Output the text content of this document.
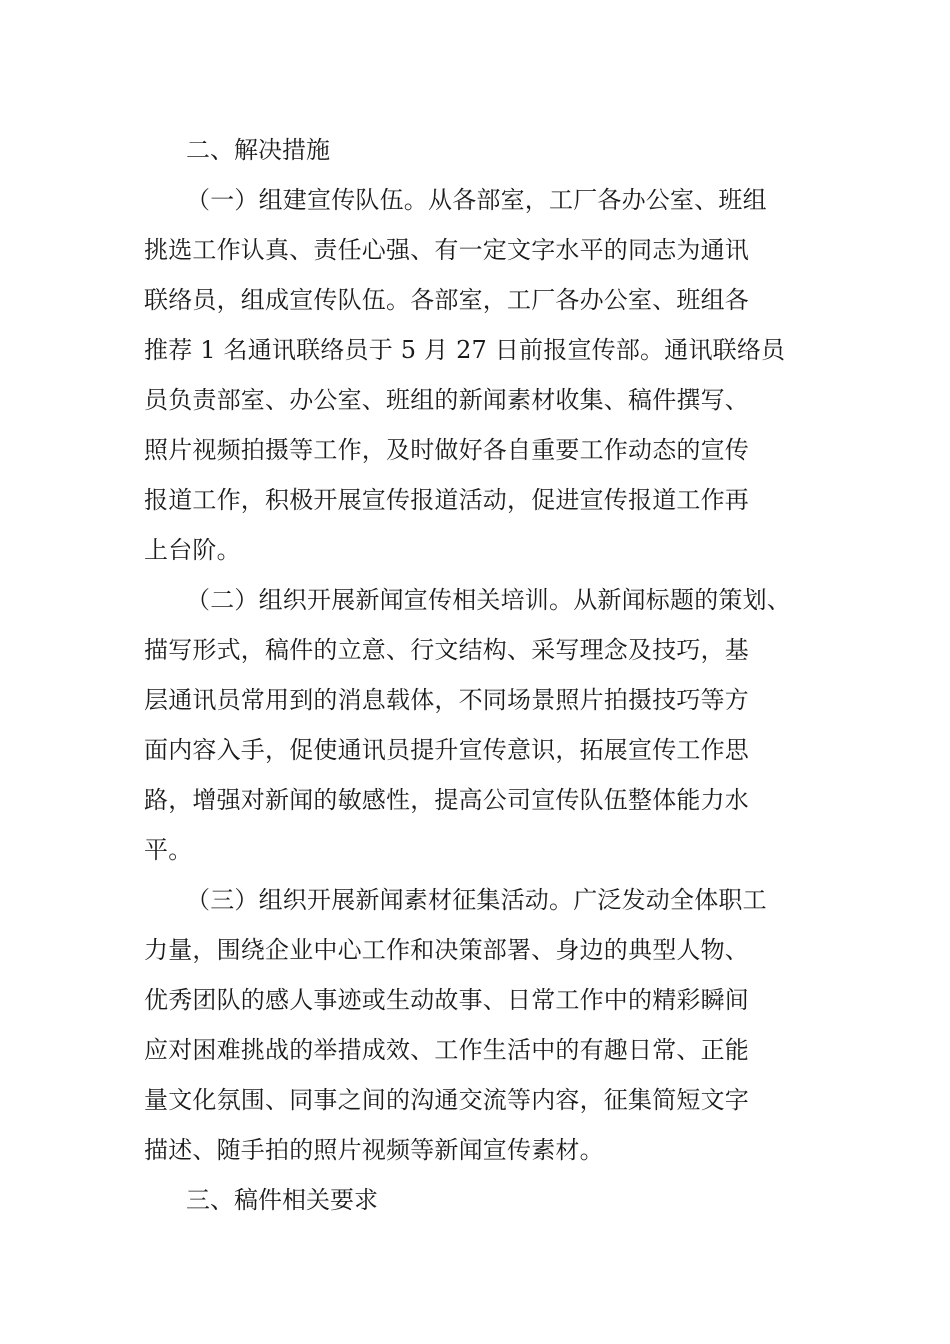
二、解决措施
（一）组建宣传队伍。从各部室，工厂各办公室、班组
挑选工作认真、责任心强、有一定文字水平的同志为通讯
联络员，组成宣传队伍。各部室，工厂各办公室、班组各
推荐 1 名通讯联络员于 5 月 27 日前报宣传部。通讯联络员
员负责部室、办公室、班组的新闻素材收集、稿件撰写、
照片视频拍摄等工作，及时做好各自重要工作动态的宣传
报道工作，积极开展宣传报道活动，促进宣传报道工作再
上台阶。
（二）组织开展新闻宣传相关培训。从新闻标题的策划、
描写形式，稿件的立意、行文结构、采写理念及技巧，基
层通讯员常用到的消息载体，不同场景照片拍摄技巧等方
面内容入手，促使通讯员提升宣传意识，拓展宣传工作思
路，增强对新闻的敏感性，提高公司宣传队伍整体能力水
平。
（三）组织开展新闻素材征集活动。广泛发动全体职工
力量，围绕企业中心工作和决策部署、身边的典型人物、
优秀团队的感人事迹或生动故事、日常工作中的精彩瞬间
应对困难挑战的举措成效、工作生活中的有趣日常、正能
量文化氛围、同事之间的沟通交流等内容，征集简短文字
描述、随手拍的照片视频等新闻宣传素材。
三、稿件相关要求
